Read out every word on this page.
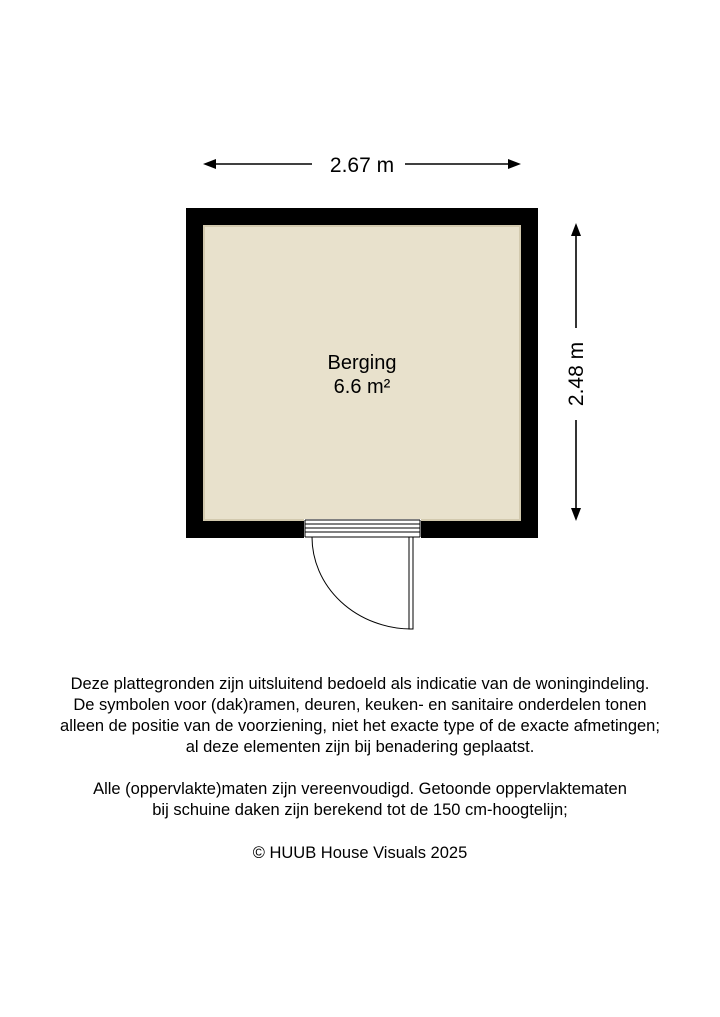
2.67 m
2.48 m
Berging
6.6 m²

Deze plattegronden zijn uitsluitend bedoeld als indicatie van de woningindeling.
De symbolen voor (dak)ramen, deuren, keuken- en sanitaire onderdelen tonen
alleen de positie van de voorziening, niet het exacte type of de exacte afmetingen;
al deze elementen zijn bij benadering geplaatst.

Alle (oppervlakte)maten zijn vereenvoudigd. Getoonde oppervlaktematen
bij schuine daken zijn berekend tot de 150 cm-hoogtelijn;

© HUUB House Visuals 2025
